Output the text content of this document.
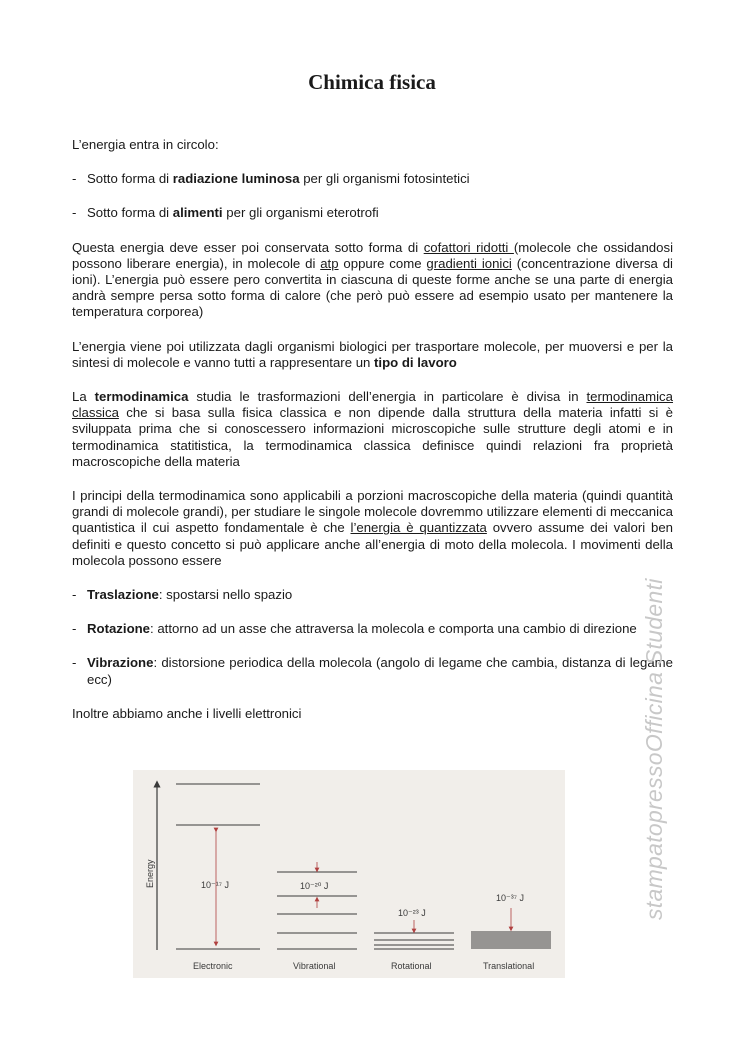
Chimica fisica

L’energia entra in circolo:

- Sotto forma di radiazione luminosa per gli organismi fotosintetici

- Sotto forma di alimenti per gli organismi eterotrofi

Questa energia deve esser poi conservata sotto forma di cofattori ridotti (molecole che ossidandosi possono liberare energia), in molecole di atp oppure come gradienti ionici (concentrazione diversa di ioni). L’energia può essere pero convertita in ciascuna di queste forme anche se una parte di energia andrà sempre persa sotto forma di calore (che però può essere ad esempio usato per mantenere la temperatura corporea)

L’energia viene poi utilizzata dagli organismi biologici per trasportare molecole, per muoversi e per la sintesi di molecole e vanno tutti a rappresentare un tipo di lavoro

La termodinamica studia le trasformazioni dell’energia in particolare è divisa in termodinamica classica che si basa sulla fisica classica e non dipende dalla struttura della materia infatti si è sviluppata prima che si conoscessero informazioni microscopiche sulle strutture degli atomi e in termodinamica statitistica, la termodinamica classica definisce quindi relazioni fra proprietà macroscopiche della materia

I principi della termodinamica sono applicabili a porzioni macroscopiche della materia (quindi quantità grandi di molecole grandi), per studiare le singole molecole dovremmo utilizzare elementi di meccanica quantistica il cui aspetto fondamentale è che l’energia è quantizzata ovvero assume dei valori ben definiti e questo concetto si può applicare anche all’energia di moto della molecola. I movimenti della molecola possono essere

- Traslazione: spostarsi nello spazio

- Rotazione: attorno ad un asse che attraversa la molecola e comporta una cambio di direzione

- Vibrazione: distorsione periodica della molecola (angolo di legame che cambia, distanza di legame ecc)

Inoltre abbiamo anche i livelli elettronici	stampatopressoOfficina Studenti
Energy	10⁻¹⁷ J
Electronic
10⁻²⁰ J
Vibrational
10⁻²³ J
Rotational
10⁻³⁷ J
Translational
